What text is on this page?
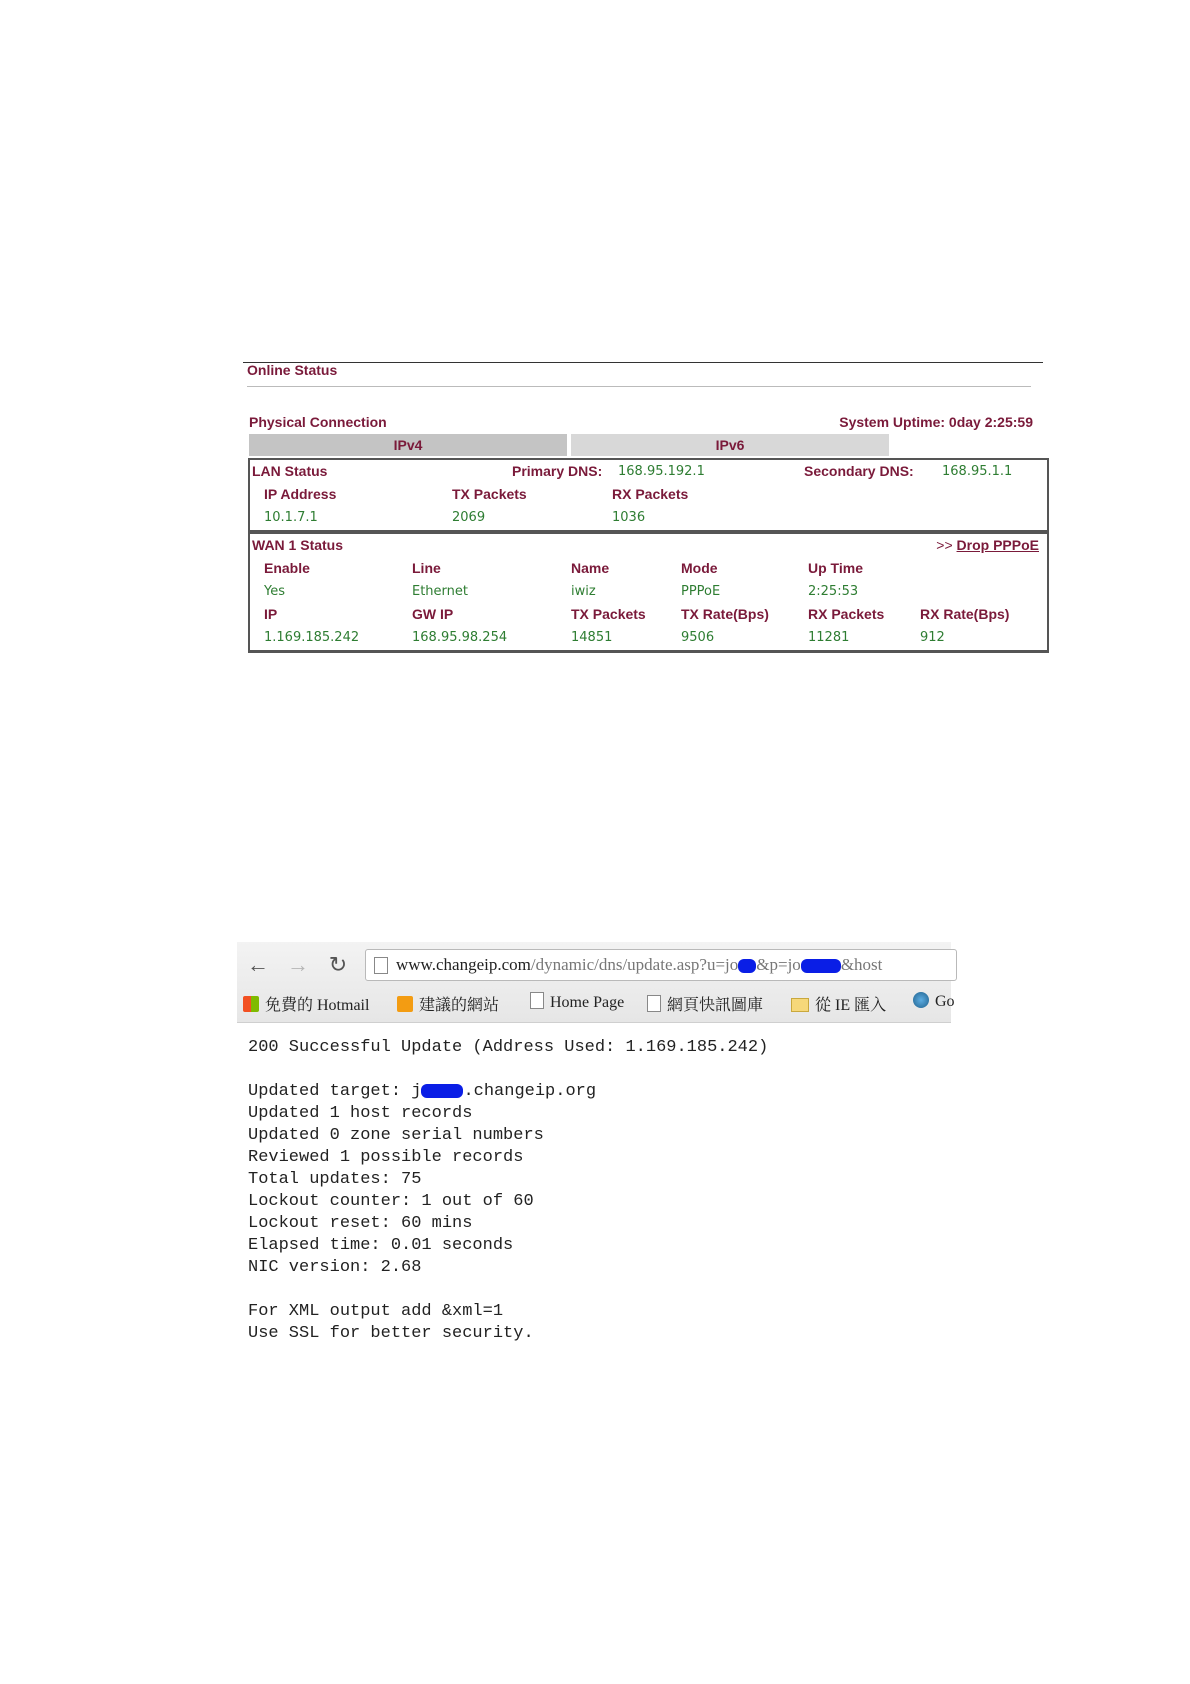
Online Status
Physical Connection	System Uptime: 0day 2:25:59
IPv4	IPv6
LAN Status	Primary DNS: 168.95.192.1	Secondary DNS: 168.95.1.1
IP Address	TX Packets	RX Packets
10.1.7.1	2069	1036
WAN 1 Status	>> Drop PPPoE
Enable	Line	Name	Mode	Up Time
Yes	Ethernet	iwiz	PPPoE	2:25:53
IP	GW IP	TX Packets	TX Rate(Bps)	RX Packets	RX Rate(Bps)
1.169.185.242	168.95.98.254	14851	9506	11281	912
← → ↻	www.changeip.com/dynamic/dns/update.asp?u=jo &p=jo &host
免費的 Hotmail	建議的網站	Home Page	網頁快訊圖庫	從 IE 匯入	Go
200 Successful Update (Address Used: 1.169.185.242)
Updated target: j .changeip.org
Updated 1 host records
Updated 0 zone serial numbers
Reviewed 1 possible records
Total updates: 75
Lockout counter: 1 out of 60
Lockout reset: 60 mins
Elapsed time: 0.01 seconds
NIC version: 2.68
For XML output add &xml=1
Use SSL for better security.
